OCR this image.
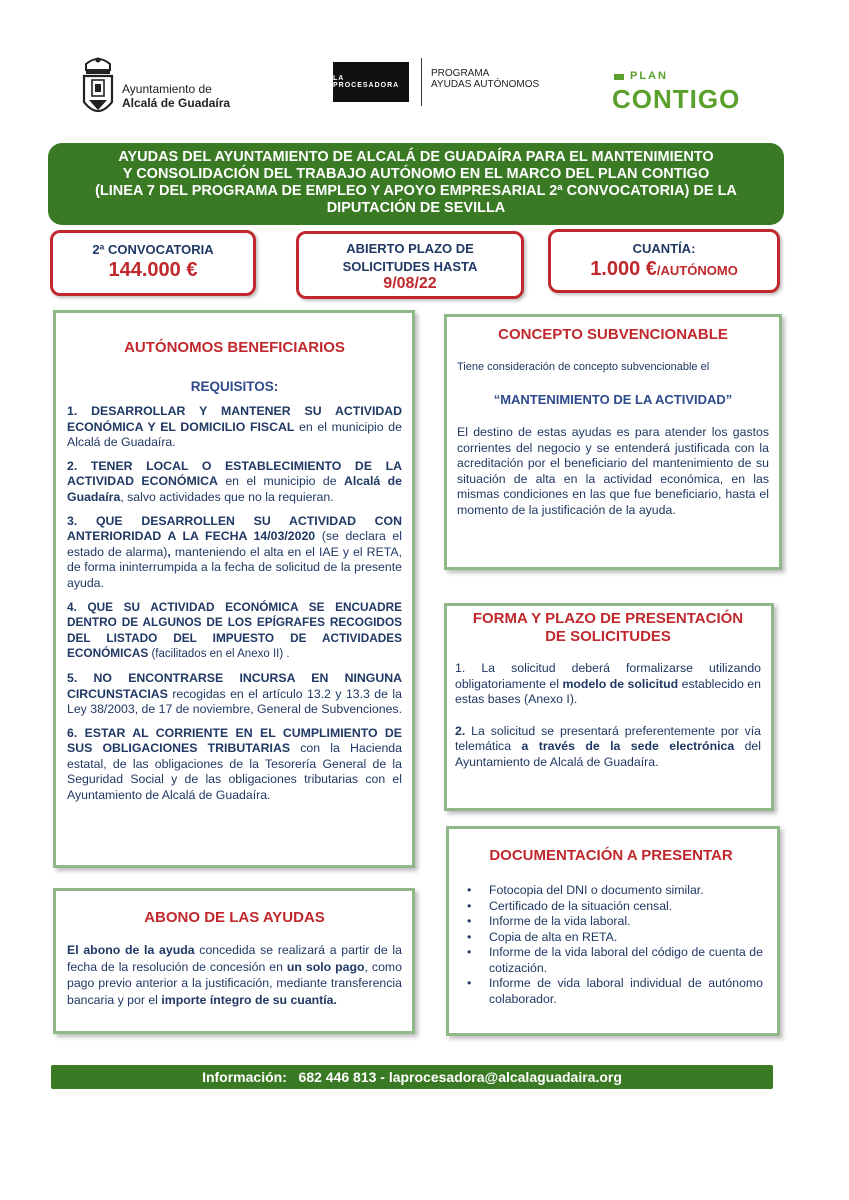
Ayuntamiento de
Alcalá de Guadaíra
LA PROCESADORA
PROGRAMA
AYUDAS AUTÓNOMOS
PLAN
CONTIGO
AYUDAS DEL AYUNTAMIENTO DE ALCALÁ DE GUADAÍRA PARA EL MANTENIMIENTO
Y CONSOLIDACIÓN DEL TRABAJO AUTÓNOMO EN EL MARCO DEL PLAN CONTIGO
(LINEA 7 DEL PROGRAMA DE EMPLEO Y APOYO EMPRESARIAL 2ª CONVOCATORIA) DE LA
DIPUTACIÓN DE SEVILLA
2ª CONVOCATORIA
144.000 €
ABIERTO PLAZO DE
SOLICITUDES HASTA
9/08/22
CUANTÍA:
1.000 €/AUTÓNOMO
AUTÓNOMOS BENEFICIARIOS
REQUISITOS:
1. DESARROLLAR Y MANTENER SU ACTIVIDAD ECONÓMICA Y EL DOMICILIO FISCAL en el municipio de Alcalá de Guadaíra.
2. TENER LOCAL O ESTABLECIMIENTO DE LA ACTIVIDAD ECONÓMICA en el municipio de Alcalá de Guadaíra, salvo actividades que no la requieran.
3. QUE DESARROLLEN SU ACTIVIDAD CON ANTERIORIDAD A LA FECHA 14/03/2020 (se declara el estado de alarma), manteniendo el alta en el IAE y el RETA, de forma ininterrumpida a la fecha de solicitud de la presente ayuda.
4. QUE SU ACTIVIDAD ECONÓMICA SE ENCUADRE DENTRO DE ALGUNOS DE LOS EPÍGRAFES RECOGIDOS DEL LISTADO DEL IMPUESTO DE ACTIVIDADES ECONÓMICAS (facilitados en el Anexo II) .
5. NO ENCONTRARSE INCURSA EN NINGUNA CIRCUNSTACIAS recogidas en el artículo 13.2 y 13.3 de la Ley 38/2003, de 17 de noviembre, General de Subvenciones.
6. ESTAR AL CORRIENTE EN EL CUMPLIMIENTO DE SUS OBLIGACIONES TRIBUTARIAS con la Hacienda estatal, de las obligaciones de la Tesorería General de la Seguridad Social y de las obligaciones tributarias con el Ayuntamiento de Alcalá de Guadaíra.
ABONO DE LAS AYUDAS
El abono de la ayuda concedida se realizará a partir de la fecha de la resolución de concesión en un solo pago, como pago previo anterior a la justificación, mediante transferencia bancaria y por el importe íntegro de su cuantía.
CONCEPTO SUBVENCIONABLE
Tiene consideración de concepto subvencionable el
“MANTENIMIENTO DE LA ACTIVIDAD”
El destino de estas ayudas es para atender los gastos corrientes del negocio y se entenderá justificada con la acreditación por el beneficiario del mantenimiento de su situación de alta en la actividad económica, en las mismas condiciones en las que fue beneficiario, hasta el momento de la justificación de la ayuda.
FORMA Y PLAZO DE PRESENTACIÓN
DE SOLICITUDES
1. La solicitud deberá formalizarse utilizando obligatoriamente el modelo de solicitud establecido en estas bases (Anexo I).
2. La solicitud se presentará preferentemente por vía telemática a través de la sede electrónica del Ayuntamiento de Alcalá de Guadaíra.
DOCUMENTACIÓN A PRESENTAR
• Fotocopia del DNI o documento similar.
• Certificado de la situación censal.
• Informe de la vida laboral.
• Copia de alta en RETA.
• Informe de la vida laboral del código de cuenta de cotización.
• Informe de vida laboral individual de autónomo colaborador.
Información: 682 446 813 - laprocesadora@alcalaguadaira.org
